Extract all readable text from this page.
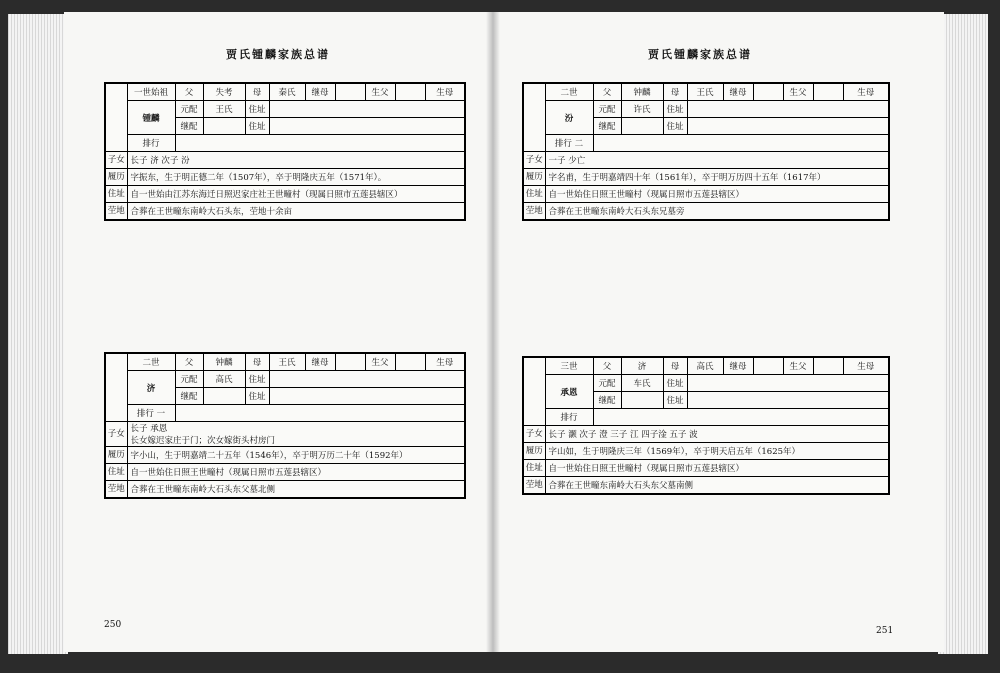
贾氏锺麟家族总谱	贾氏锺麟家族总谱
	一世始祖	父	失考	母	秦氏	继母		生父		生母
	锺麟	元配	王氏	住址						
		继配		住址						

	排行									
子女	长子 济 次子 汾									

履历	字振东，生于明正德二年（1507年），卒于明隆庆五年（1571年）。									
住址	自一世始由江苏东海迁日照迟家庄社王世疃村（现属日照市五莲县辖区）									
茔地	合葬在王世疃东南岭大石头东，茔地十余亩									
	二世	父	钟麟	母	王氏	继母		生父		生母
	济	元配	高氏	住址						
		继配		住址						

	排行 一									
子女	长子 承恩
长女嫁迟家庄于门；次女嫁街头村房门									

履历	字小山，生于明嘉靖二十五年（1546年），卒于明万历二十年（1592年）									
住址	自一世始住日照王世疃村（现属日照市五莲县辖区）									
茔地	合葬在王世疃东南岭大石头东父墓北侧									
	二世	父	钟麟	母	王氏	继母		生父		生母
	汾	元配	许氏	住址						
		继配		住址						

	排行 二									
子女	一子 少亡									

履历	字名甫，生于明嘉靖四十年（1561年），卒于明万历四十五年（1617年）									
住址	自一世始住日照王世疃村（现属日照市五莲县辖区）									
茔地	合葬在王世疃东南岭大石头东兄墓旁									
	三世	父	济	母	高氏	继母		生父		生母
	承恩	元配	车氏	住址						
		继配		住址						

	排行									
子女	长子 灏 次子 澄 三子 江 四子淦 五子 波									

履历	字山如，生于明隆庆三年（1569年），卒于明天启五年（1625年）									
住址	自一世始住日照王世疃村（现属日照市五莲县辖区）									
茔地	合葬在王世疃东南岭大石头东父墓南侧									
250
251
